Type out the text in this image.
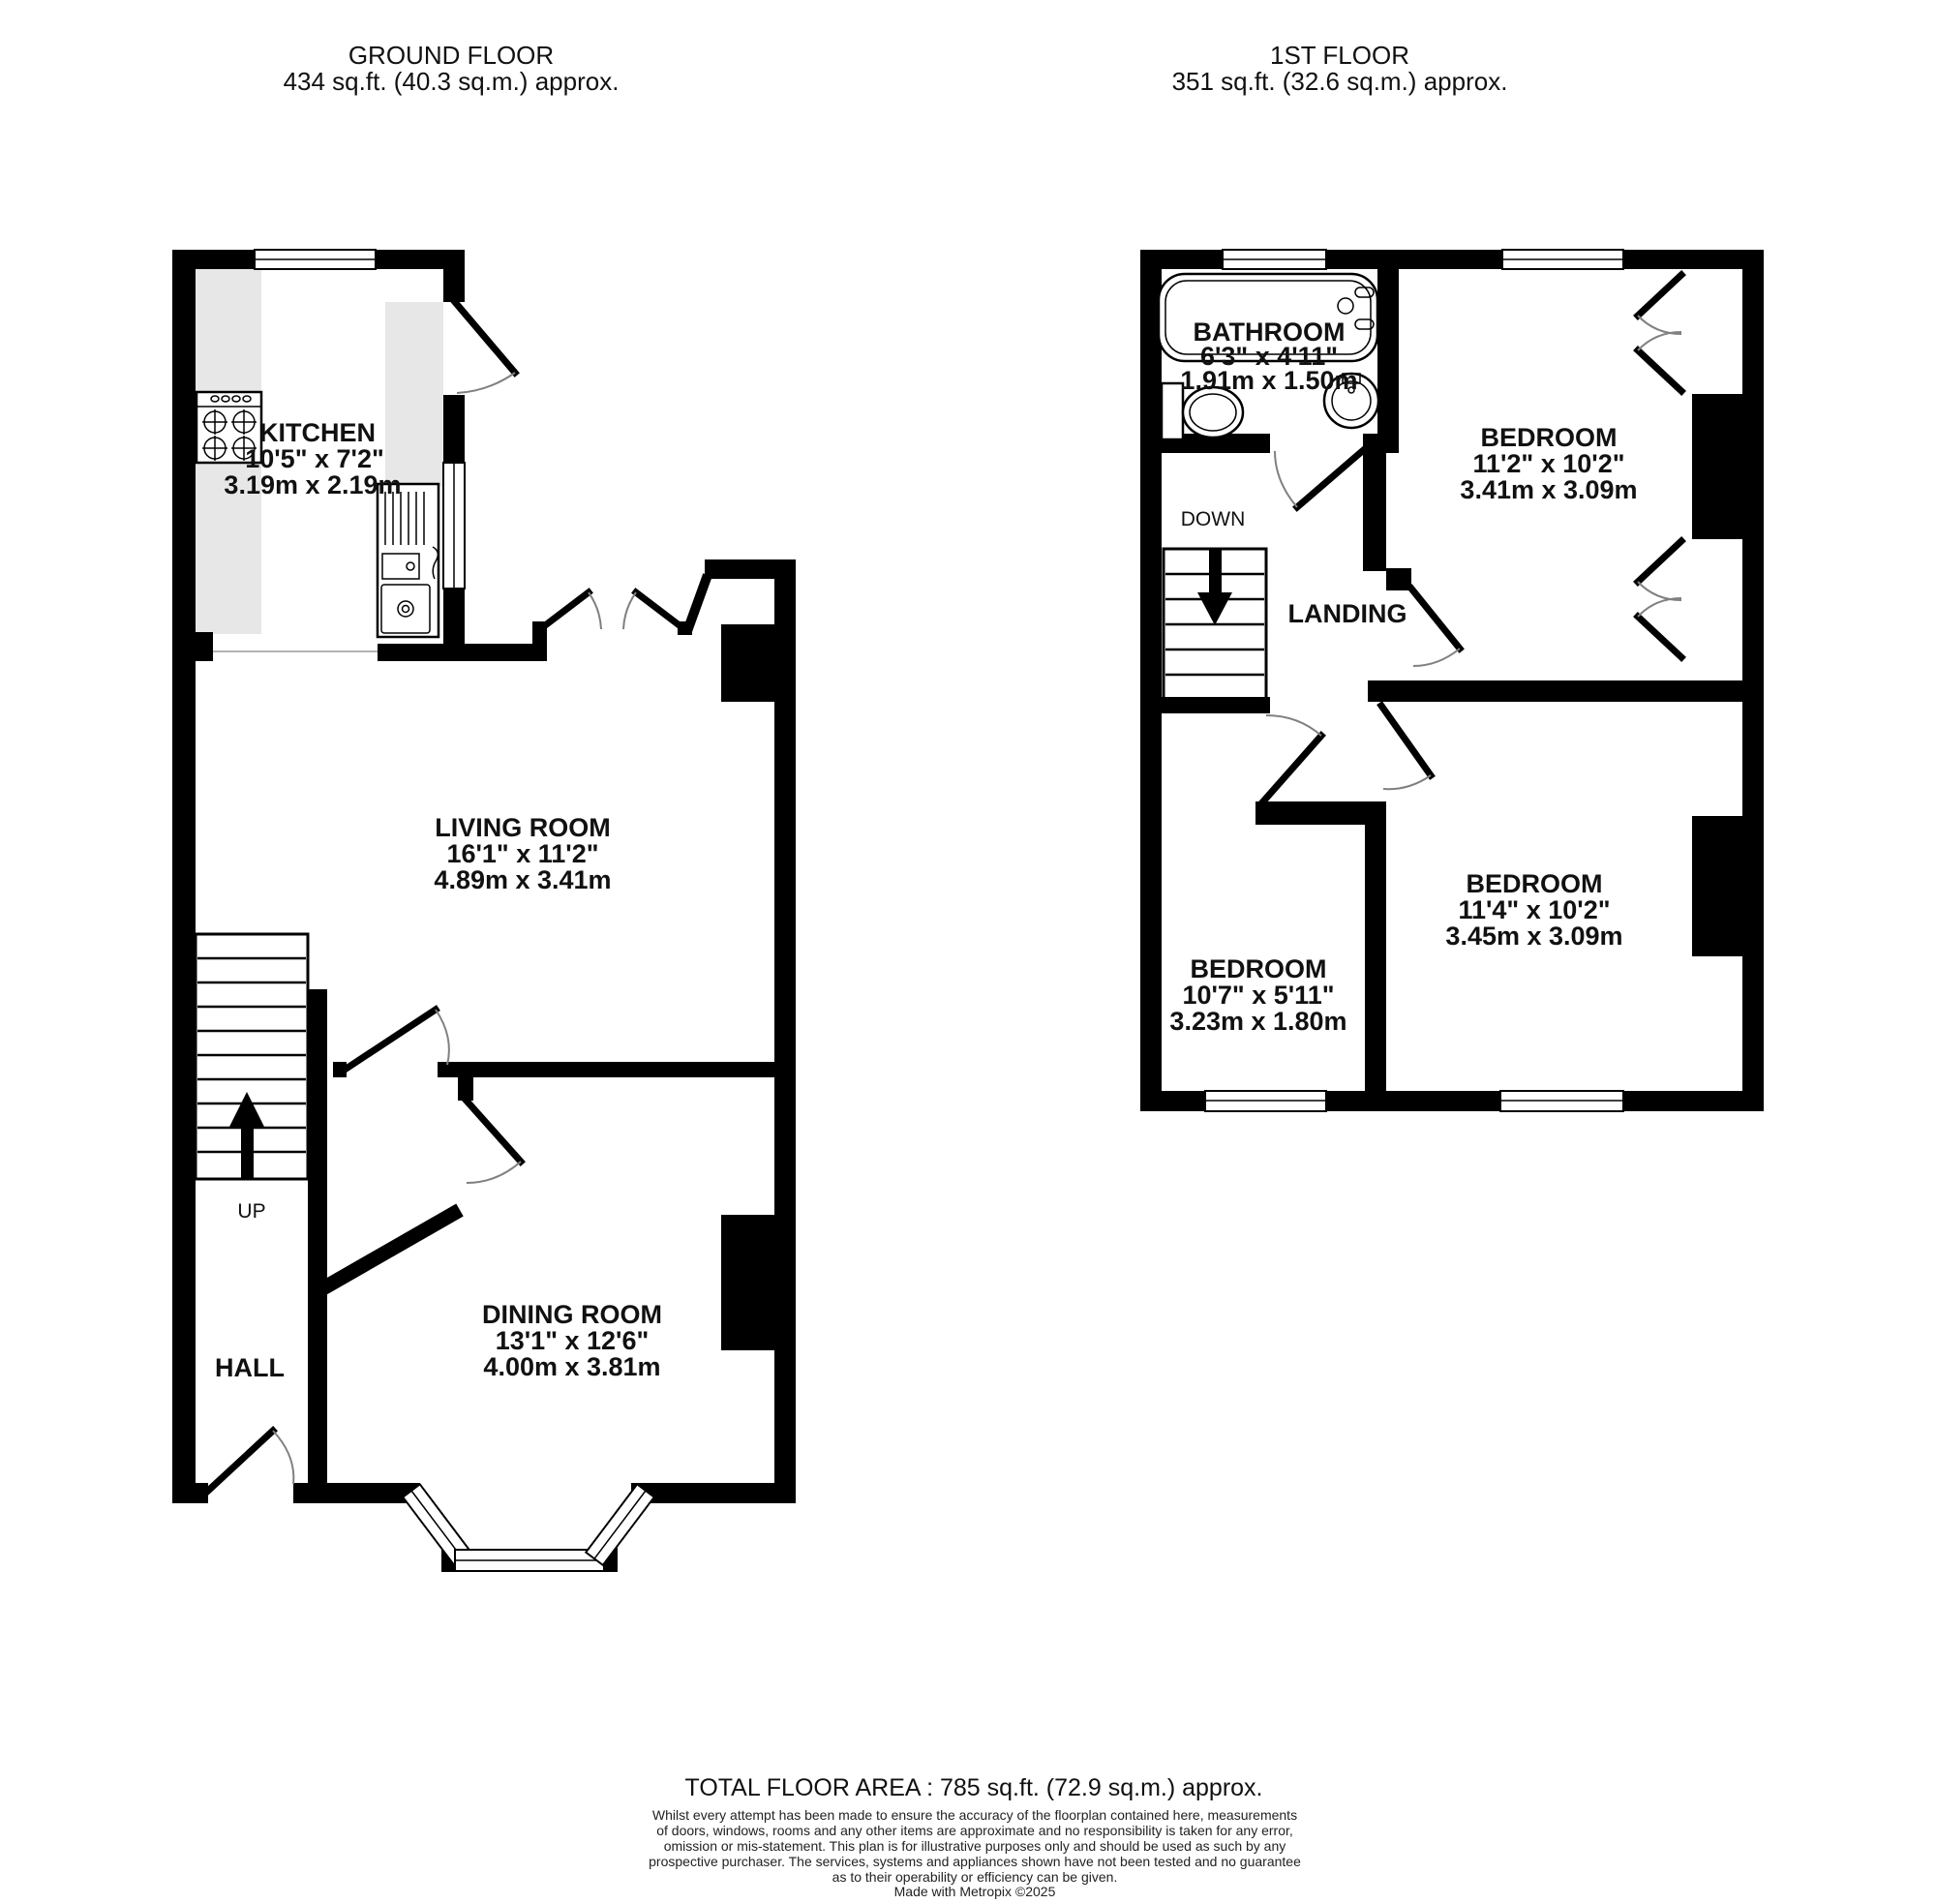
GROUND FLOOR
434 sq.ft. (40.3 sq.m.) approx.
KITCHEN
10'5" x 7'2"
3.19m x 2.19m
LIVING ROOM
16'1" x 11'2"
4.89m x 3.41m
DINING ROOM
13'1" x 12'6"
4.00m x 3.81m
HALL
UP
1ST FLOOR
351 sq.ft. (32.6 sq.m.) approx.
BATHROOM
6'3" x 4'11"
1.91m x 1.50m
BEDROOM
11'2" x 10'2"
3.41m x 3.09m
BEDROOM
11'4" x 10'2"
3.45m x 3.09m
BEDROOM
10'7" x 5'11"
3.23m x 1.80m
LANDING
DOWN
TOTAL FLOOR AREA : 785 sq.ft. (72.9 sq.m.) approx.
Whilst every attempt has been made to ensure the accuracy of the floorplan contained here, measurements
of doors, windows, rooms and any other items are approximate and no responsibility is taken for any error,
omission or mis-statement. This plan is for illustrative purposes only and should be used as such by any
prospective purchaser. The services, systems and appliances shown have not been tested and no guarantee
as to their operability or efficiency can be given.
Made with Metropix ©2025
